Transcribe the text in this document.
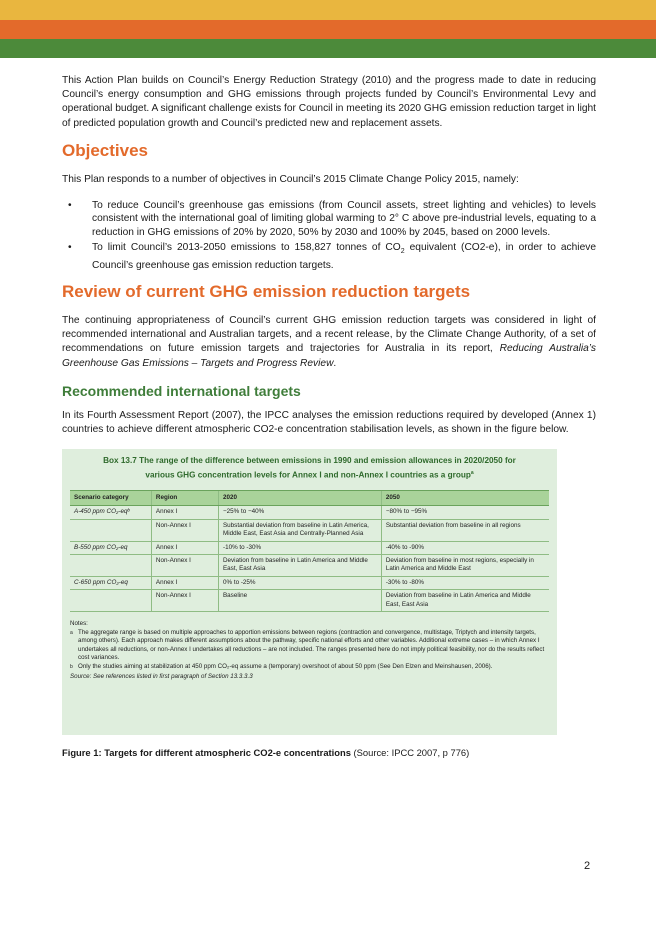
This Action Plan builds on Council’s Energy Reduction Strategy (2010) and the progress made to date in reducing Council’s energy consumption and GHG emissions through projects funded by Council’s Environmental Levy and operational budget. A significant challenge exists for Council in meeting its 2020 GHG emission reduction target in light of predicted population growth and Council’s predicted new and replacement assets.

Objectives

This Plan responds to a number of objectives in Council’s 2015 Climate Change Policy 2015, namely:

• To reduce Council’s greenhouse gas emissions (from Council assets, street lighting and vehicles) to levels consistent with the international goal of limiting global warming to 2° C above pre-industrial levels, equating to a reduction in GHG emissions of 20% by 2020, 50% by 2030 and 100% by 2045, based on 2000 levels.
• To limit Council’s 2013-2050 emissions to 158,827 tonnes of $CO_2$ equivalent (CO2-e), in order to achieve Council’s greenhouse gas emission reduction targets.
Review of current GHG emission reduction targets

The continuing appropriateness of Council’s current GHG emission reduction targets was considered in light of recommended international and Australian targets, and a recent release, by the Climate Change Authority, of a set of recommendations on future emission targets and trajectories for Australia in its report, Reducing Australia’s Greenhouse Gas Emissions – Targets and Progress Review.

Recommended international targets

In its Fourth Assessment Report (2007), the IPCC analyses the emission reductions required by developed (Annex 1) countries to achieve different atmospheric CO2-e concentration stabilisation levels, as shown in the figure below.

Box 13.7 The range of the difference between emissions in 1990 and emission allowances in 2020/2050 for
various GHG concentration levels for Annex I and non-Annex I countries as a group$^a$
Scenario category	Region	2020	2050
A-450 ppm CO₂-eqᵇ	Annex I	−25% to −40%	−80% to −95%
	Non-Annex I	Substantial deviation from baseline in Latin America, Middle East, East Asia and Centrally-Planned Asia	Substantial deviation from baseline in all regions
B-550 ppm CO₂-eq	Annex I	-10% to -30%	-40% to -90%
	Non-Annex I	Deviation from baseline in Latin America and Middle East, East Asia	Deviation from baseline in most regions, especially in Latin America and Middle East
C-650 ppm CO₂-eq	Annex I	0% to -25%	-30% to -80%
	Non-Annex I	Baseline	Deviation from baseline in Latin America and Middle East, East Asia
Notes:
a The aggregate range is based on multiple approaches to apportion emissions between regions (contraction and convergence, multistage, Triptych and intensity targets, among others). Each approach makes different assumptions about the pathway, specific national efforts and other variables. Additional extreme cases – in which Annex I undertakes all reductions, or non-Annex I undertakes all reductions – are not included. The ranges presented here do not imply political feasibility, nor do the results reflect cost variances.
b Only the studies aiming at stabilization at 450 ppm CO₂-eq assume a (temporary) overshoot of about 50 ppm (See Den Elzen and Meinshausen, 2006).
Source: See references listed in first paragraph of Section 13.3.3.3

Figure 1: Targets for different atmospheric CO2-e concentrations (Source: IPCC 2007, p 776)

2
